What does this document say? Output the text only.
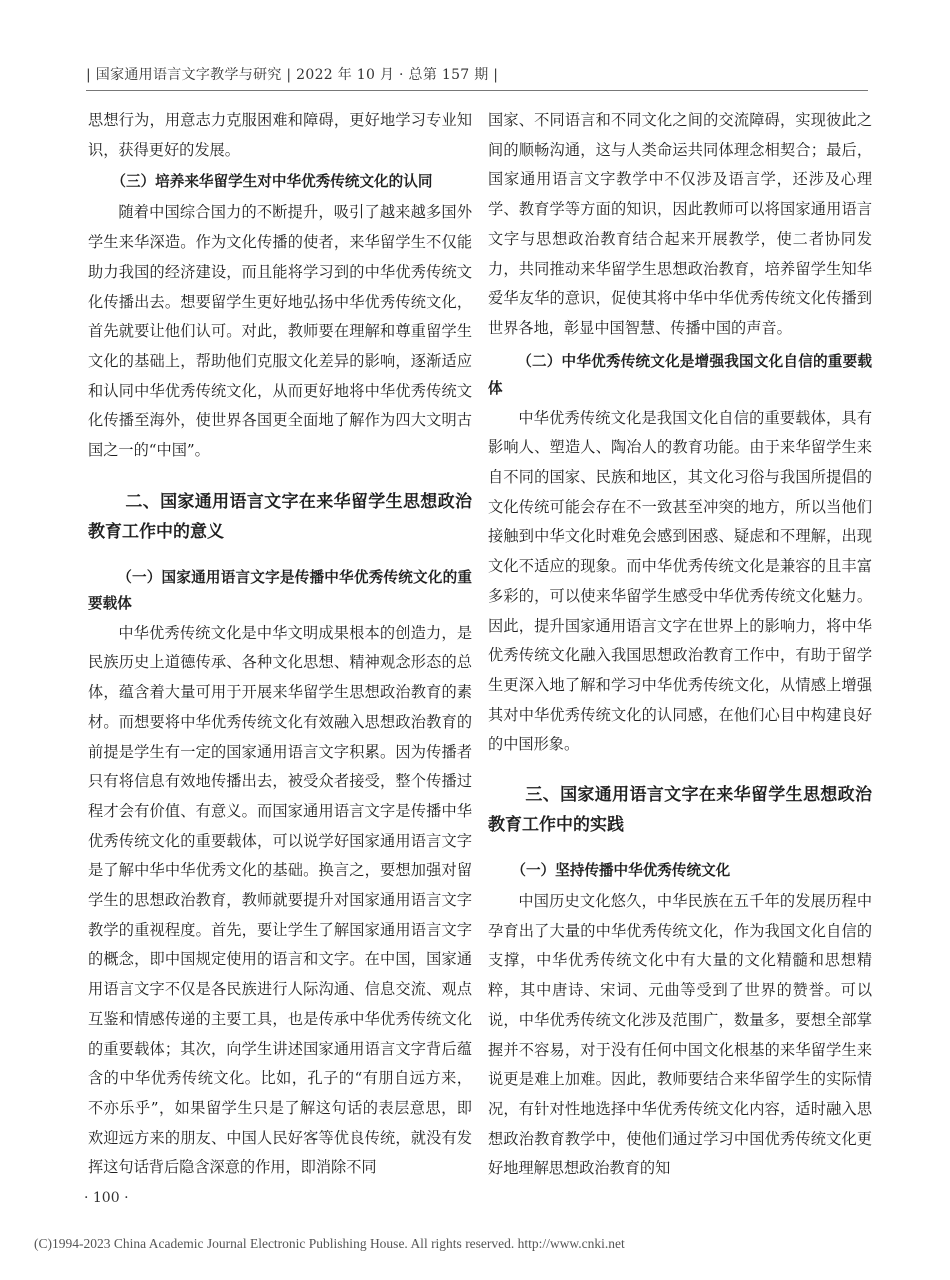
| 国家通用语言文字教学与研究 | 2022 年 10 月 · 总第 157 期 |

思想行为，用意志力克服困难和障碍，更好地学习专业知识，获得更好的发展。

（三）培养来华留学生对中华优秀传统文化的认同

随着中国综合国力的不断提升，吸引了越来越多国外学生来华深造。作为文化传播的使者，来华留学生不仅能助力我国的经济建设，而且能将学习到的中华优秀传统文化传播出去。想要留学生更好地弘扬中华优秀传统文化，首先就要让他们认可。对此，教师要在理解和尊重留学生文化的基础上，帮助他们克服文化差异的影响，逐渐适应和认同中华优秀传统文化，从而更好地将中华优秀传统文化传播至海外，使世界各国更全面地了解作为四大文明古国之一的“中国”。

二、国家通用语言文字在来华留学生思想政治教育工作中的意义

（一）国家通用语言文字是传播中华优秀传统文化的重要载体

中华优秀传统文化是中华文明成果根本的创造力，是民族历史上道德传承、各种文化思想、精神观念形态的总体，蕴含着大量可用于开展来华留学生思想政治教育的素材。而想要将中华优秀传统文化有效融入思想政治教育的前提是学生有一定的国家通用语言文字积累。因为传播者只有将信息有效地传播出去，被受众者接受，整个传播过程才会有价值、有意义。而国家通用语言文字是传播中华优秀传统文化的重要载体，可以说学好国家通用语言文字是了解中华中华优秀文化的基础。换言之，要想加强对留学生的思想政治教育，教师就要提升对国家通用语言文字教学的重视程度。首先，要让学生了解国家通用语言文字的概念，即中国规定使用的语言和文字。在中国，国家通用语言文字不仅是各民族进行人际沟通、信息交流、观点互鉴和情感传递的主要工具，也是传承中华优秀传统文化的重要载体；其次，向学生讲述国家通用语言文字背后蕴含的中华优秀传统文化。比如，孔子的“有朋自远方来，不亦乐乎”，如果留学生只是了解这句话的表层意思，即欢迎远方来的朋友、中国人民好客等优良传统，就没有发挥这句话背后隐含深意的作用，即消除不同

国家、不同语言和不同文化之间的交流障碍，实现彼此之间的顺畅沟通，这与人类命运共同体理念相契合；最后，国家通用语言文字教学中不仅涉及语言学，还涉及心理学、教育学等方面的知识，因此教师可以将国家通用语言文字与思想政治教育结合起来开展教学，使二者协同发力，共同推动来华留学生思想政治教育，培养留学生知华爱华友华的意识，促使其将中华中华优秀传统文化传播到世界各地，彰显中国智慧、传播中国的声音。

（二）中华优秀传统文化是增强我国文化自信的重要载体

中华优秀传统文化是我国文化自信的重要载体，具有影响人、塑造人、陶冶人的教育功能。由于来华留学生来自不同的国家、民族和地区，其文化习俗与我国所提倡的文化传统可能会存在不一致甚至冲突的地方，所以当他们接触到中华文化时难免会感到困惑、疑虑和不理解，出现文化不适应的现象。而中华优秀传统文化是兼容的且丰富多彩的，可以使来华留学生感受中华优秀传统文化魅力。因此，提升国家通用语言文字在世界上的影响力，将中华优秀传统文化融入我国思想政治教育工作中，有助于留学生更深入地了解和学习中华优秀传统文化，从情感上增强其对中华优秀传统文化的认同感，在他们心目中构建良好的中国形象。

三、国家通用语言文字在来华留学生思想政治教育工作中的实践

（一）坚持传播中华优秀传统文化

中国历史文化悠久，中华民族在五千年的发展历程中孕育出了大量的中华优秀传统文化，作为我国文化自信的支撑，中华优秀传统文化中有大量的文化精髓和思想精粹，其中唐诗、宋词、元曲等受到了世界的赞誉。可以说，中华优秀传统文化涉及范围广，数量多，要想全部掌握并不容易，对于没有任何中国文化根基的来华留学生来说更是难上加难。因此，教师要结合来华留学生的实际情况，有针对性地选择中华优秀传统文化内容，适时融入思想政治教育教学中，使他们通过学习中国优秀传统文化更好地理解思想政治教育的知

· 100 ·
(C)1994-2023 China Academic Journal Electronic Publishing House. All rights reserved. http://www.cnki.net
